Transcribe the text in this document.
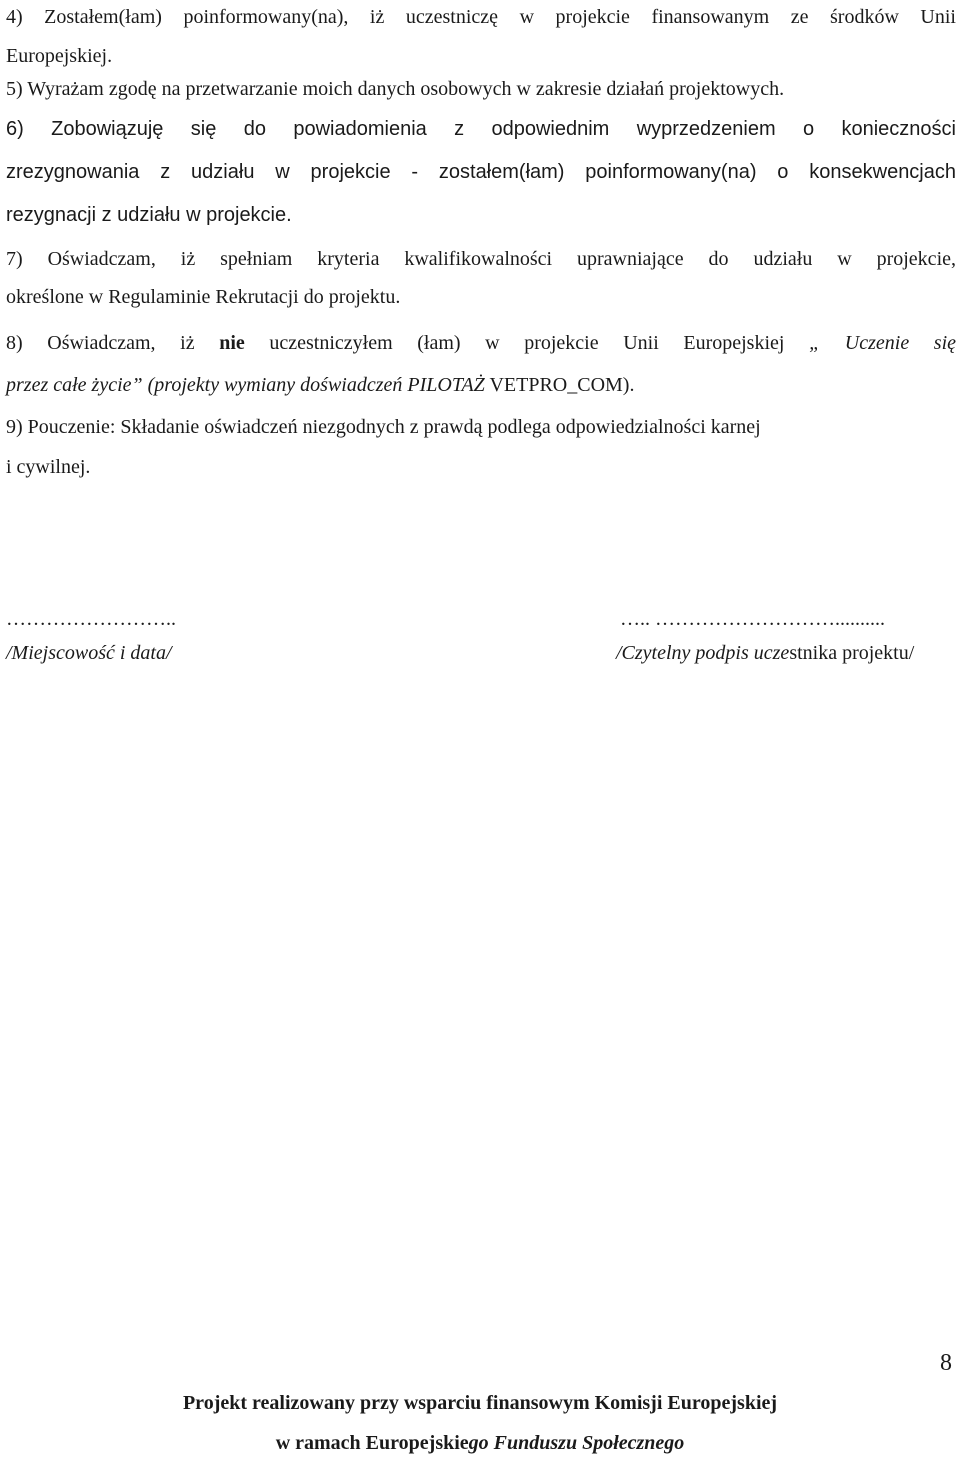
4) Zostałem(łam) poinformowany(na), iż uczestniczę w projekcie finansowanym ze środków Unii
Europejskiej.
5) Wyrażam zgodę na przetwarzanie moich danych osobowych w zakresie działań projektowych.
6) Zobowiązuję się do powiadomienia z odpowiednim wyprzedzeniem o konieczności
zrezygnowania z udziału w projekcie - zostałem(łam) poinformowany(na) o konsekwencjach
rezygnacji z udziału w projekcie.
7) Oświadczam, iż spełniam kryteria kwalifikowalności uprawniające do udziału w projekcie,
określone w Regulaminie Rekrutacji do projektu.
8) Oświadczam, iż nie uczestniczyłem (łam) w projekcie Unii Europejskiej „ Uczenie się
przez całe życie” (projekty wymiany doświadczeń PILOTAŻ VETPRO_COM).
9) Pouczenie: Składanie oświadczeń niezgodnych z prawdą podlega odpowiedzialności karnej
i cywilnej.
……………………..	….. ………………………..........
/Miejscowość i data/	/Czytelny podpis uczestnika projektu/
8
Projekt realizowany przy wsparciu finansowym Komisji Europejskiej
w ramach Europejskiego Funduszu Społecznego
